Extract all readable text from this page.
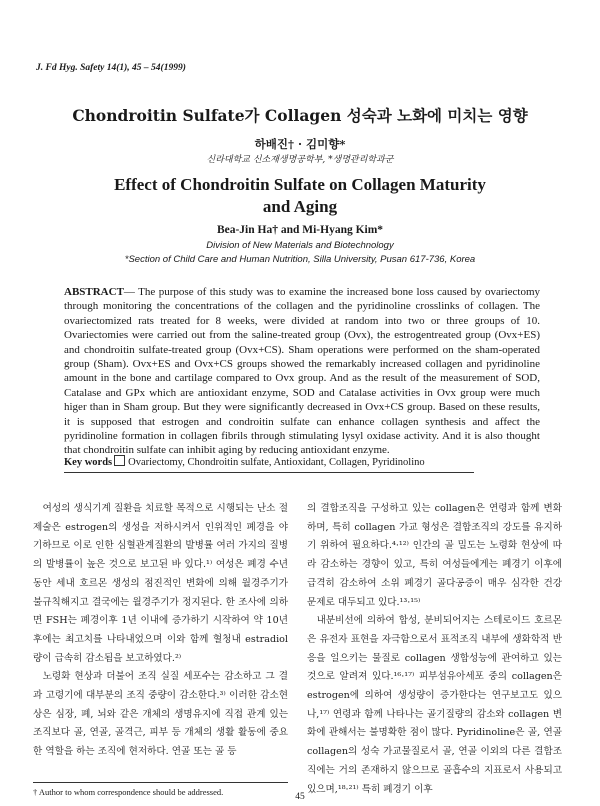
J. Fd Hyg. Safety 14(1), 45 – 54(1999)
Chondroitin Sulfate가 Collagen 성숙과 노화에 미치는 영향
하배진† · 김미향*
신라대학교 신소재생명공학부, *생명관리학과군
Effect of Chondroitin Sulfate on Collagen Maturity
and Aging
Bea-Jin Ha† and Mi-Hyang Kim*
Division of New Materials and Biotechnology
*Section of Child Care and Human Nutrition, Silla University, Pusan 617-736, Korea
ABSTRACT— The purpose of this study was to examine the increased bone loss caused by ovariectomy through monitoring the concentrations of the collagen and the pyridinoline crosslinks of collagen. The ovariectomized rats treated for 8 weeks, were divided at random into two or three groups of 10. Ovariectomies were carried out from the saline-treated group (Ovx), the estrogentreated group (Ovx+ES) and chondroitin sulfate-treated group (Ovx+CS). Sham operations were performed on the sham-operated group (Sham). Ovx+ES and Ovx+CS groups showed the remarkably increased collagen and pyridinoline amount in the bone and cartilage compared to Ovx group. And as the result of the measurement of SOD, Catalase and GPx which are antioxidant enzyme, SOD and Catalase activities in Ovx group were much higer than in Sham group. But they were significantly decreased in Ovx+CS group. Based on these results, it is supposed that estrogen and condroitin sulfate can enhance collagen synthesis and affect the pyridinoline formation in collagen fibrils through stimulating lysyl oxidase activity. And it is also thought that chondroitin sulfate can inhibit aging by reducing antioxidant enzyme.
Key words Ovariectomy, Chondroitin sulfate, Antioxidant, Collagen, Pyridinolino

여성의 생식기계 질환을 치료할 목적으로 시행되는 난소 절제술은 estrogen의 생성을 저하시켜서 인위적인 폐경을 야기하므로 이로 인한 심혈관계질환의 발병률 여러 가지의 질병의 발병률이 높은 것으로 보고된 바 있다.¹⁾ 여성은 폐경 수년동안 세내 호르몬 생성의 점진적인 변화에 의해 월경주기가 불규칙해지고 결국에는 월경주기가 정지된다. 한 조사에 의하면 FSH는 폐경이후 1년 이내에 증가하기 시작하여 약 10년 후에는 최고치를 나타내었으며 이와 함께 혈청내 estradiol량이 급속히 감소됨을 보고하였다.²⁾

노령화 현상과 더불어 조직 실질 세포수는 감소하고 그 결과 고령기에 대부분의 조직 중량이 감소한다.³⁾ 이러한 감소현상은 심장, 폐, 뇌와 같은 개체의 생명유지에 직접 관계 있는 조직보다 골, 연골, 골격근, 피부 등 개체의 생활 활동에 중요한 역할을 하는 조직에 현저하다. 연골 또는 골 등

의 결합조직을 구성하고 있는 collagen은 연령과 함께 변화하며, 특히 collagen 가교 형성은 결합조직의 강도를 유지하기 위하여 필요하다.⁴·¹²⁾ 인간의 골 밀도는 노령화 현상에 따라 감소하는 경향이 있고, 특히 여성들에게는 폐경기 이후에 급격히 감소하여 소위 폐경기 골다공증이 매우 심각한 건강 문제로 대두되고 있다.¹³·¹⁵⁾

내분비선에 의하여 합성, 분비되어지는 스테로이드 호르몬은 유전자 표현을 자극함으로서 표적조직 내부에 생화학적 반응을 일으키는 물질로 collagen 생합성능에 관여하고 있는 것으로 알려져 있다.¹⁶·¹⁷⁾ 피부섬유아세포 중의 collagen은 estrogen에 의하여 생성량이 증가한다는 연구보고도 있으나,¹⁷⁾ 연령과 함께 나타나는 골기질량의 감소와 collagen 변화에 관해서는 불명확한 점이 많다. Pyridinoline은 골, 연골 collagen의 성숙 가교물질로서 골, 연골 이외의 다른 결합조직에는 거의 존재하지 않으므로 골흡수의 지표로서 사용되고 있으며,¹⁸·²¹⁾ 특히 폐경기 이후

† Author to whom correspondence should be addressed.	45
